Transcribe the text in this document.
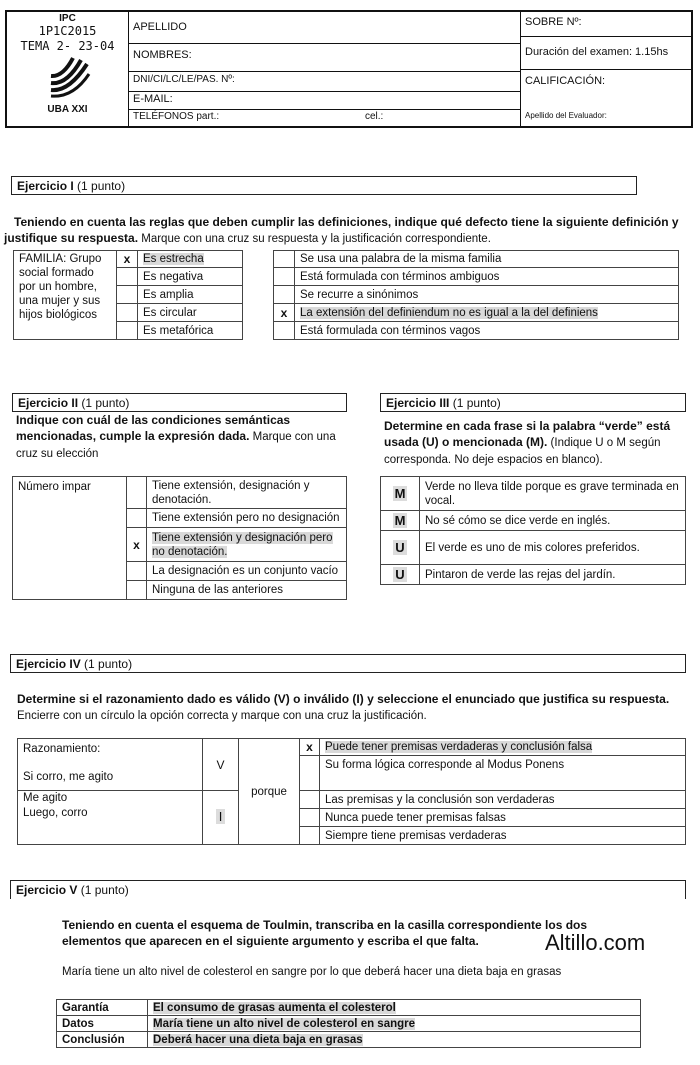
IPC
1P1C2015
TEMA 2- 23-04
UBA XXI
APELLIDO
NOMBRES:
DNI/CI/LC/LE/PAS. Nº:
E-MAIL:
TELÉFONOS part.:	cel.:
SOBRE Nº:
Duración del examen: 1.15hs
CALIFICACIÓN:
Apellido del Evaluador:
Ejercicio I (1 punto)
Teniendo en cuenta las reglas que deben cumplir las definiciones, indique qué defecto tiene la siguiente definición y justifique su respuesta. Marque con una cruz su respuesta y la justificación correspondiente.
FAMILIA: Grupo social formado por un hombre, una mujer y sus hijos biológicos	x	Es estrecha			Se usa una palabra de la misma familia
		Es negativa			Está formulada con términos ambiguos
		Es amplia			Se recurre a sinónimos
		Es circular		x	La extensión del definiendum no es igual a la del definiens
		Es metafórica			Está formulada con términos vagos
Ejercicio II (1 punto)
Indique con cuál de las condiciones semánticas mencionadas, cumple la expresión dada. Marque con una cruz su elección
Número impar		Tiene extensión, designación y denotación.
		Tiene extensión pero no designación
	x	Tiene extensión y designación pero no denotación.
		La designación es un conjunto vacío
		Ninguna de las anteriores
Ejercicio III (1 punto)
Determine en cada frase si la palabra “verde” está usada (U) o mencionada (M). (Indique U o M según corresponda. No deje espacios en blanco).
M	Verde no lleva tilde porque es grave terminada en vocal.
M	No sé cómo se dice verde en inglés.
U	El verde es uno de mis colores preferidos.
U	Pintaron de verde las rejas del jardín.
Ejercicio IV (1 punto)
Determine si el razonamiento dado es válido (V) o inválido (I) y seleccione el enunciado que justifica su respuesta.
Encierre con un círculo la opción correcta y marque con una cruz la justificación.
Razonamiento:
Si corro, me agito	V	porque	x	Puede tener premisas verdaderas y conclusión falsa
				Su forma lógica corresponde al Modus Ponens

Me agito
Luego, corro	I			Las premisas y la conclusión son verdaderas
				Nunca puede tener premisas falsas
				Siempre tiene premisas verdaderas
Ejercicio V (1 punto)
Teniendo en cuenta el esquema de Toulmin, transcriba en la casilla correspondiente los dos elementos que aparecen en el siguiente argumento y escriba el que falta.	Altillo.com
María tiene un alto nivel de colesterol en sangre por lo que deberá hacer una dieta baja en grasas
Garantía	El consumo de grasas aumenta el colesterol
Datos	María tiene un alto nivel de colesterol en sangre
Conclusión	Deberá hacer una dieta baja en grasas
